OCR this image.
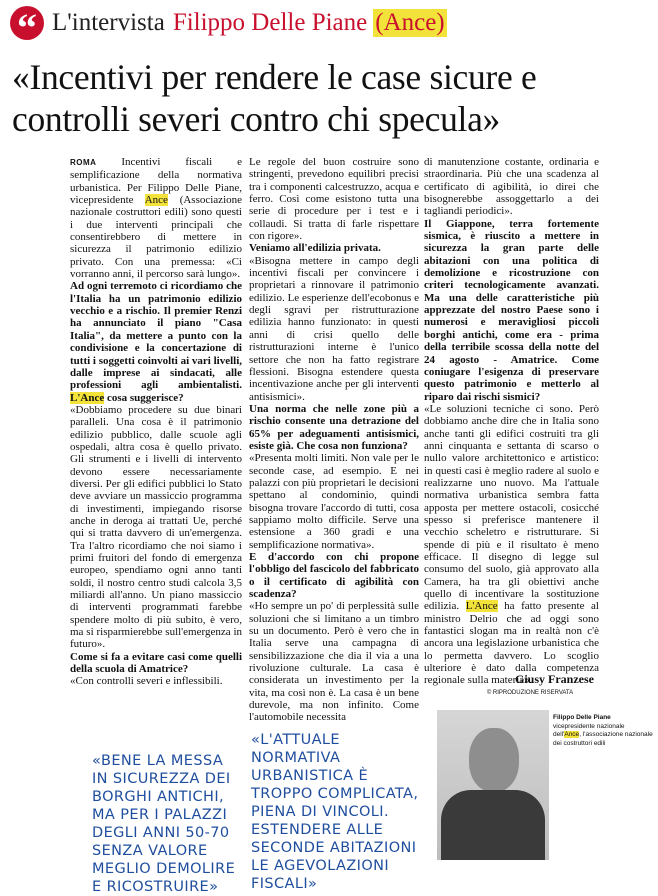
“ L'intervista Filippo Delle Piane (Ance)
«Incentivi per rendere le case sicure e controlli severi contro chi specula»

ROMA Incentivi fiscali e semplificazione della normativa urbanistica. Per Filippo Delle Piane, vicepresidente Ance (Associazione nazionale costruttori edili) sono questi i due interventi principali che consentirebbero di mettere in sicurezza il patrimonio edilizio privato. Con una premessa: «Ci vorranno anni, il percorso sarà lungo».

Ad ogni terremoto ci ricordiamo che l'Italia ha un patrimonio edilizio vecchio e a rischio. Il premier Renzi ha annunciato il piano "Casa Italia", da mettere a punto con la condivisione e la concertazione di tutti i soggetti coinvolti ai vari livelli, dalle imprese ai sindacati, alle professioni agli ambientalisti. L'Ance cosa suggerisce?

«Dobbiamo procedere su due binari paralleli. Una cosa è il patrimonio edilizio pubblico, dalle scuole agli ospedali, altra cosa è quello privato. Gli strumenti e i livelli di intervento devono essere necessariamente diversi. Per gli edifici pubblici lo Stato deve avviare un massiccio programma di investimenti, impiegando risorse anche in deroga ai trattati Ue, perché qui si tratta davvero di un'emergenza. Tra l'altro ricordiamo che noi siamo i primi fruitori del fondo di emergenza europeo, spendiamo ogni anno tanti soldi, il nostro centro studi calcola 3,5 miliardi all'anno. Un piano massiccio di interventi programmati farebbe spendere molto di più subito, è vero, ma si risparmierebbe sull'emergenza in futuro».

Come si fa a evitare casi come quelli della scuola di Amatrice?

«Con controlli severi e inflessibili.

Le regole del buon costruire sono stringenti, prevedono equilibri precisi tra i componenti calcestruzzo, acqua e ferro. Così come esistono tutta una serie di procedure per i test e i collaudi. Si tratta di farle rispettare con rigore».

Veniamo all'edilizia privata.

«Bisogna mettere in campo degli incentivi fiscali per convincere i proprietari a rinnovare il patrimonio edilizio. Le esperienze dell'ecobonus e degli sgravi per ristrutturazione edilizia hanno funzionato: in questi anni di crisi quello delle ristrutturazioni interne è l'unico settore che non ha fatto registrare flessioni. Bisogna estendere questa incentivazione anche per gli interventi antisismici».

Una norma che nelle zone più a rischio consente una detrazione del 65% per adeguamenti antisismici, esiste già. Che cosa non funziona?

«Presenta molti limiti. Non vale per le seconde case, ad esempio. E nei palazzi con più proprietari le decisioni spettano al condominio, quindi bisogna trovare l'accordo di tutti, cosa sappiamo molto difficile. Serve una estensione a 360 gradi e una semplificazione normativa».

E d'accordo con chi propone l'obbligo del fascicolo del fabbricato o il certificato di agibilità con scadenza?

«Ho sempre un po' di perplessità sulle soluzioni che si limitano a un timbro su un documento. Però è vero che in Italia serve una campagna di sensibilizzazione che dia il via a una rivoluzione culturale. La casa è considerata un investimento per la vita, ma così non è. La casa è un bene durevole, ma non infinito. Come l'automobile necessita

di manutenzione costante, ordinaria e straordinaria. Più che una scadenza al certificato di agibilità, io direi che bisognerebbe assoggettarlo a dei tagliandi periodici».

Il Giappone, terra fortemente sismica, è riuscito a mettere in sicurezza la gran parte delle abitazioni con una politica di demolizione e ricostruzione con criteri tecnologicamente avanzati. Ma una delle caratteristiche più apprezzate del nostro Paese sono i numerosi e meravigliosi piccoli borghi antichi, come era - prima della terribile scossa della notte del 24 agosto - Amatrice. Come coniugare l'esigenza di preservare questo patrimonio e metterlo al riparo dai rischi sismici?

«Le soluzioni tecniche ci sono. Però dobbiamo anche dire che in Italia sono anche tanti gli edifici costruiti tra gli anni cinquanta e settanta di scarso o nullo valore architettonico e artistico: in questi casi è meglio radere al suolo e realizzarne uno nuovo. Ma l'attuale normativa urbanistica sembra fatta apposta per mettere ostacoli, cosicché spesso si preferisce mantenere il vecchio scheletro e ristrutturare. Si spende di più e il risultato è meno efficace. Il disegno di legge sul consumo del suolo, già approvato alla Camera, ha tra gli obiettivi anche quello di incentivare la sostituzione edilizia. L'Ance ha fatto presente al ministro Delrio che ad oggi sono fantastici slogan ma in realtà non c'è ancora una legislazione urbanistica che lo permetta davvero. Lo scoglio ulteriore è dato dalla competenza regionale sulla materia».

Giusy Franzese
© RIPRODUZIONE RISERVATA
Filippo Delle Piane
vicepresidente nazionale dell'Ance, l'associazione nazionale dei costruttori edili
«BENE LA MESSA IN SICUREZZA DEI BORGHI ANTICHI, MA PER I PALAZZI DEGLI ANNI 50-70 SENZA VALORE MEGLIO DEMOLIRE E RICOSTRUIRE»
«L'ATTUALE NORMATIVA URBANISTICA È TROPPO COMPLICATA, PIENA DI VINCOLI. ESTENDERE ALLE SECONDE ABITAZIONI LE AGEVOLAZIONI FISCALI»
